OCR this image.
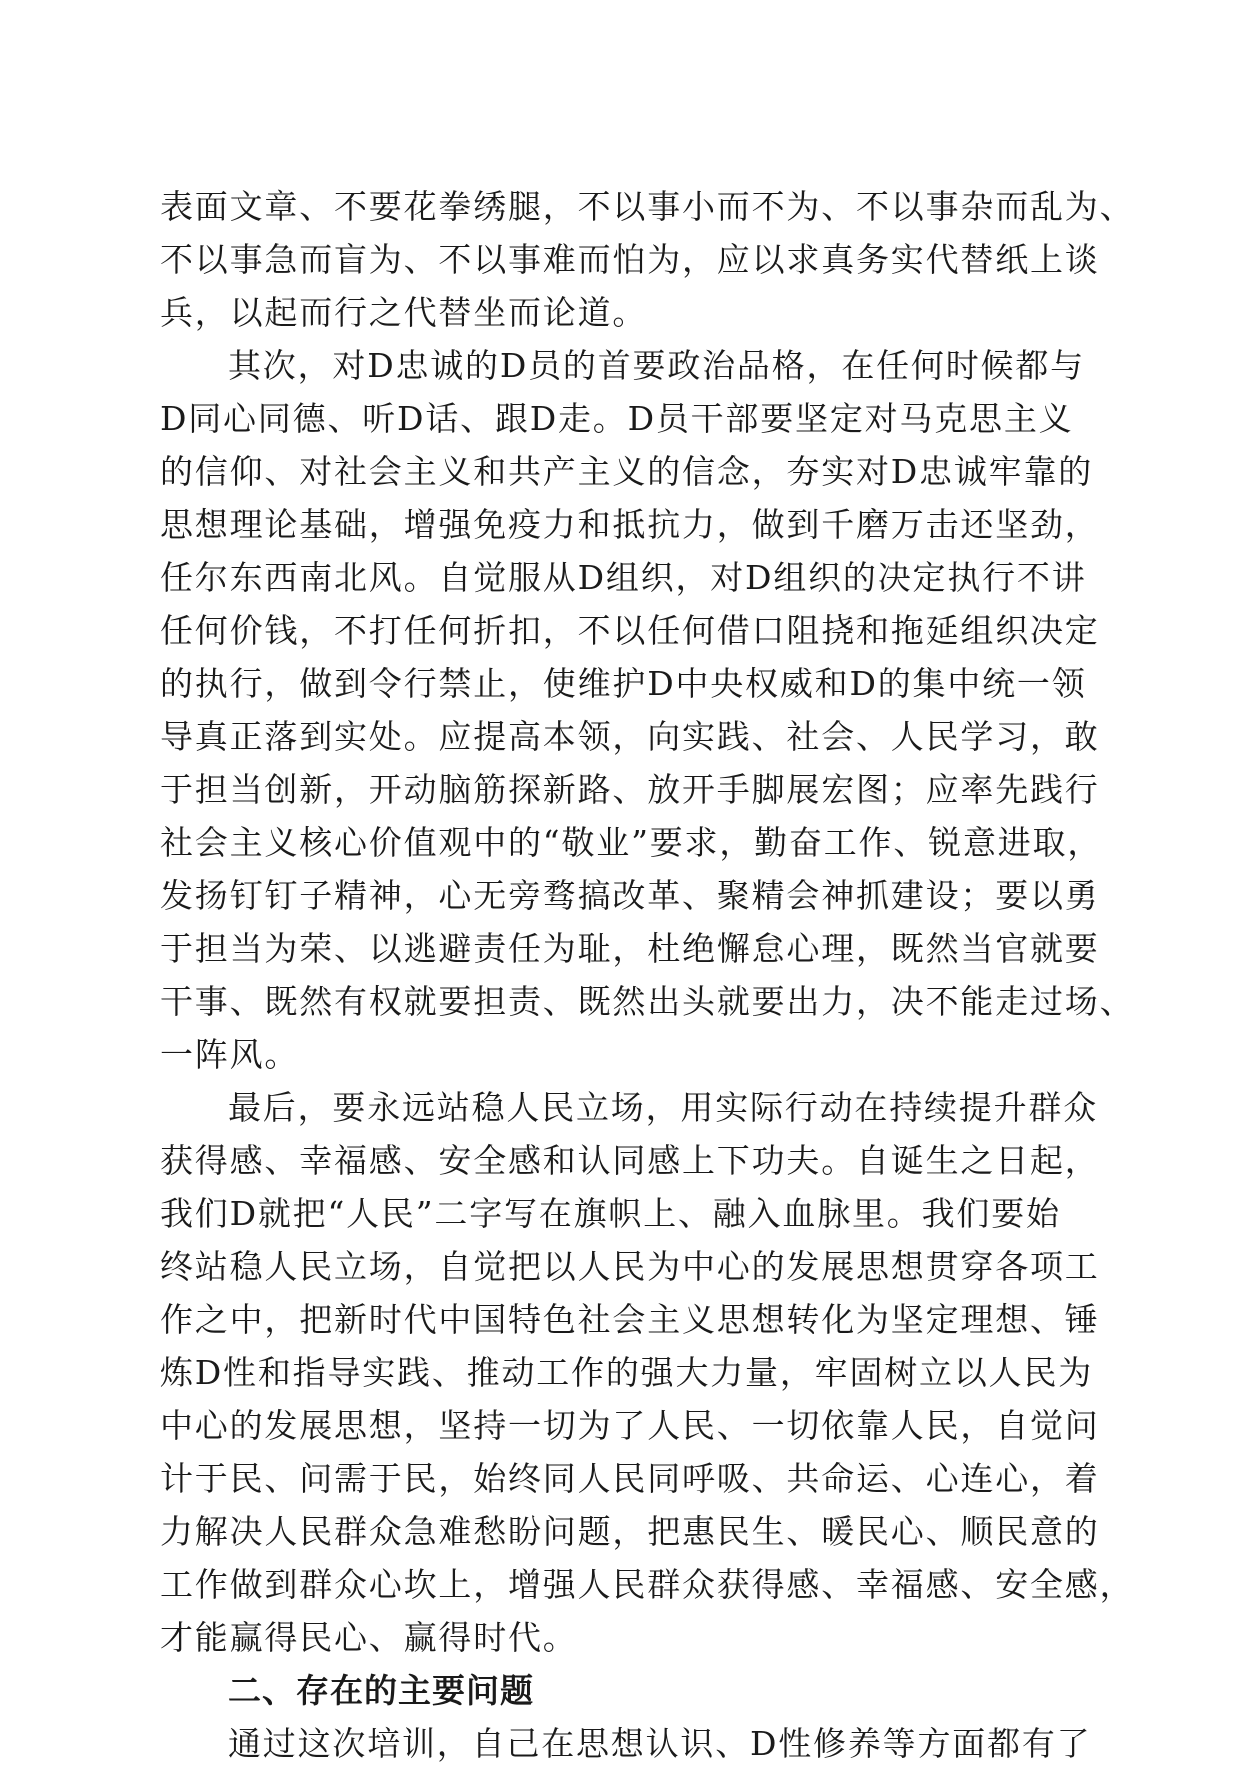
表面文章、不要花拳绣腿，不以事小而不为、不以事杂而乱为、
不以事急而盲为、不以事难而怕为，应以求真务实代替纸上谈
兵，以起而行之代替坐而论道。
其次，对D忠诚的D员的首要政治品格，在任何时候都与
D同心同德、听D话、跟D走。D员干部要坚定对马克思主义
的信仰、对社会主义和共产主义的信念，夯实对D忠诚牢靠的
思想理论基础，增强免疫力和抵抗力，做到千磨万击还坚劲，
任尔东西南北风。自觉服从D组织，对D组织的决定执行不讲
任何价钱，不打任何折扣，不以任何借口阻挠和拖延组织决定
的执行，做到令行禁止，使维护D中央权威和D的集中统一领
导真正落到实处。应提高本领，向实践、社会、人民学习，敢
于担当创新，开动脑筋探新路、放开手脚展宏图；应率先践行
社会主义核心价值观中的“敬业”要求，勤奋工作、锐意进取，
发扬钉钉子精神，心无旁骛搞改革、聚精会神抓建设；要以勇
于担当为荣、以逃避责任为耻，杜绝懈怠心理，既然当官就要
干事、既然有权就要担责、既然出头就要出力，决不能走过场、
一阵风。
最后，要永远站稳人民立场，用实际行动在持续提升群众
获得感、幸福感、安全感和认同感上下功夫。自诞生之日起，
我们D就把“人民”二字写在旗帜上、融入血脉里。我们要始
终站稳人民立场，自觉把以人民为中心的发展思想贯穿各项工
作之中，把新时代中国特色社会主义思想转化为坚定理想、锤
炼D性和指导实践、推动工作的强大力量，牢固树立以人民为
中心的发展思想，坚持一切为了人民、一切依靠人民，自觉问
计于民、问需于民，始终同人民同呼吸、共命运、心连心，着
力解决人民群众急难愁盼问题，把惠民生、暖民心、顺民意的
工作做到群众心坎上，增强人民群众获得感、幸福感、安全感，
才能赢得民心、赢得时代。
二、存在的主要问题
通过这次培训，自己在思想认识、D性修养等方面都有了
